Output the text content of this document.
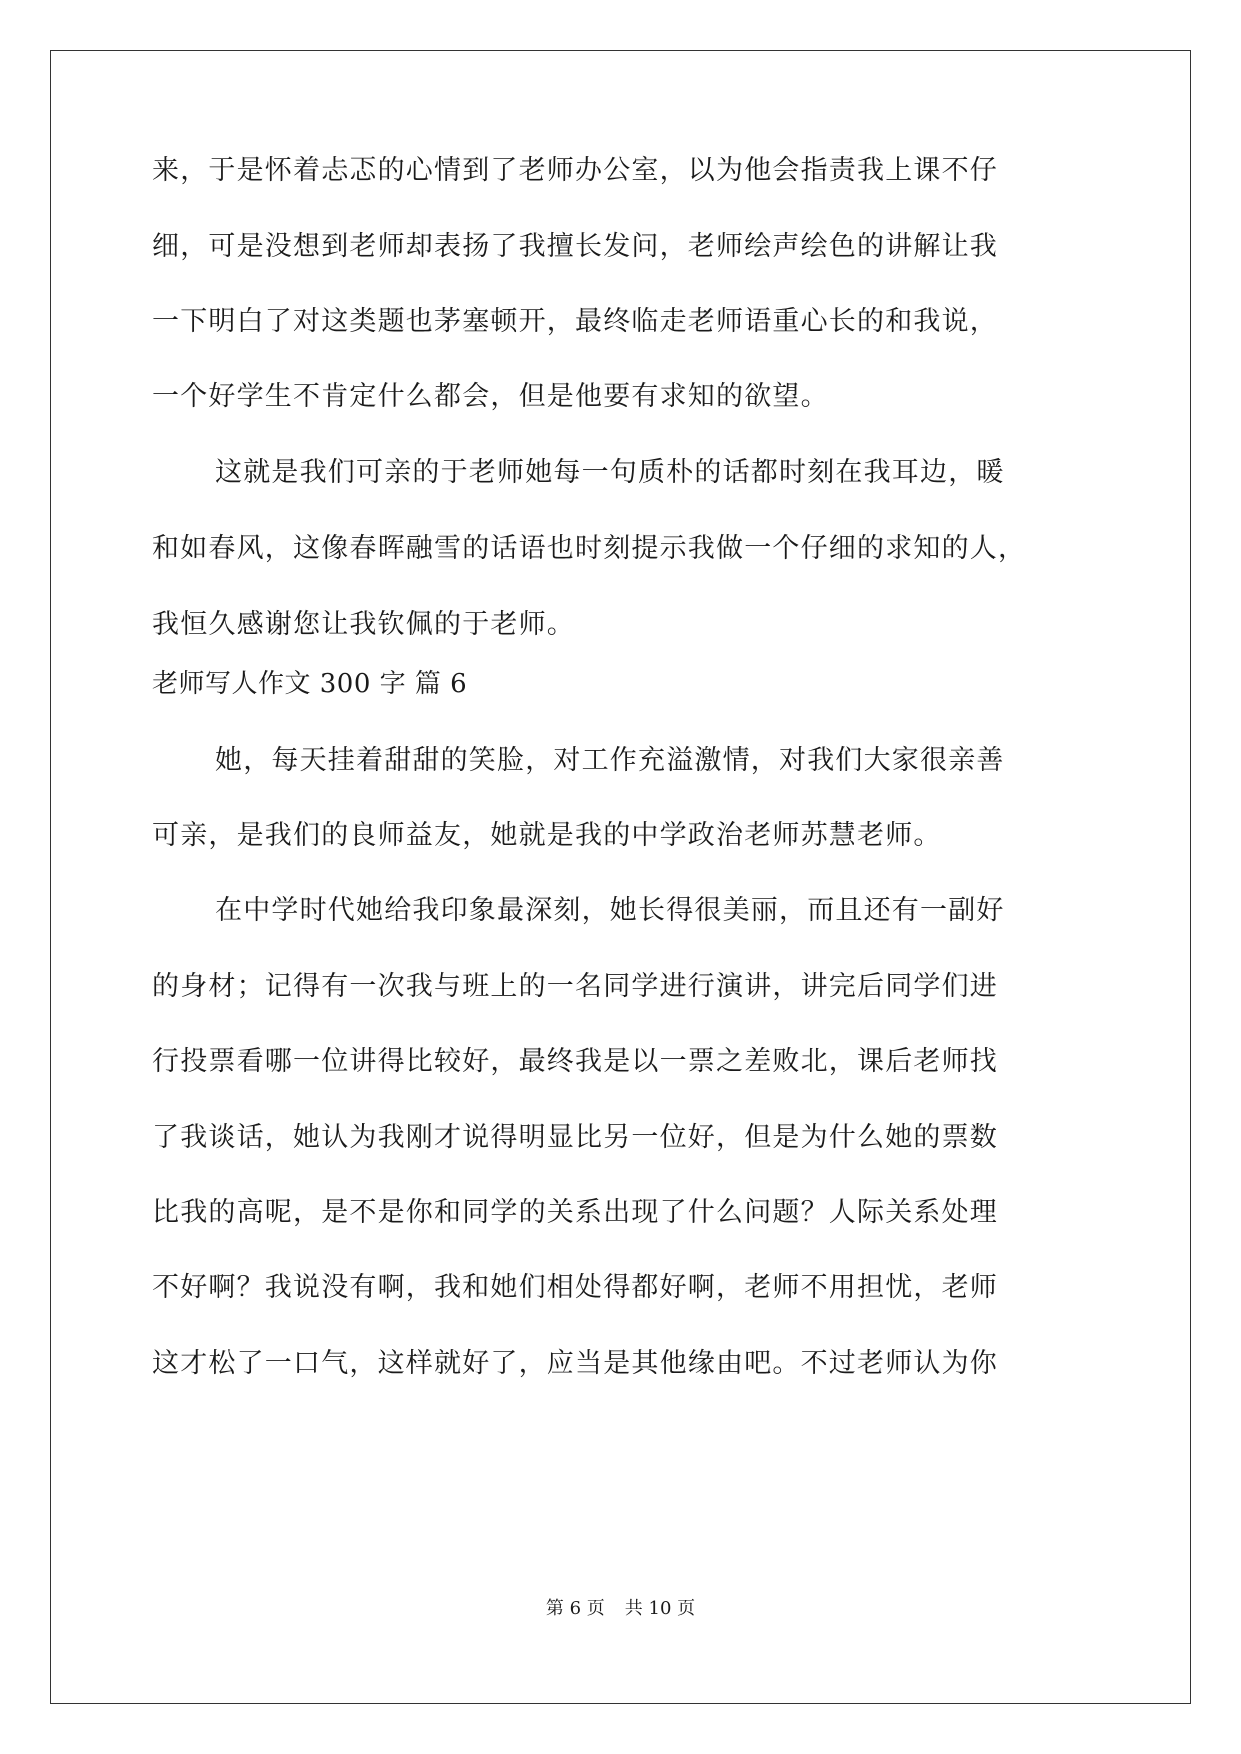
来，于是怀着忐忑的心情到了老师办公室，以为他会指责我上课不仔
细，可是没想到老师却表扬了我擅长发问，老师绘声绘色的讲解让我
一下明白了对这类题也茅塞顿开，最终临走老师语重心长的和我说，
一个好学生不肯定什么都会，但是他要有求知的欲望。
这就是我们可亲的于老师她每一句质朴的话都时刻在我耳边，暖
和如春风，这像春晖融雪的话语也时刻提示我做一个仔细的求知的人，
我恒久感谢您让我钦佩的于老师。
老师写人作文 300 字 篇 6
她，每天挂着甜甜的笑脸，对工作充溢激情，对我们大家很亲善
可亲，是我们的良师益友，她就是我的中学政治老师苏慧老师。
在中学时代她给我印象最深刻，她长得很美丽，而且还有一副好
的身材；记得有一次我与班上的一名同学进行演讲，讲完后同学们进
行投票看哪一位讲得比较好，最终我是以一票之差败北，课后老师找
了我谈话，她认为我刚才说得明显比另一位好，但是为什么她的票数
比我的高呢，是不是你和同学的关系出现了什么问题？人际关系处理
不好啊？我说没有啊，我和她们相处得都好啊，老师不用担忧，老师
这才松了一口气，这样就好了，应当是其他缘由吧。不过老师认为你
第 6 页 共 10 页
